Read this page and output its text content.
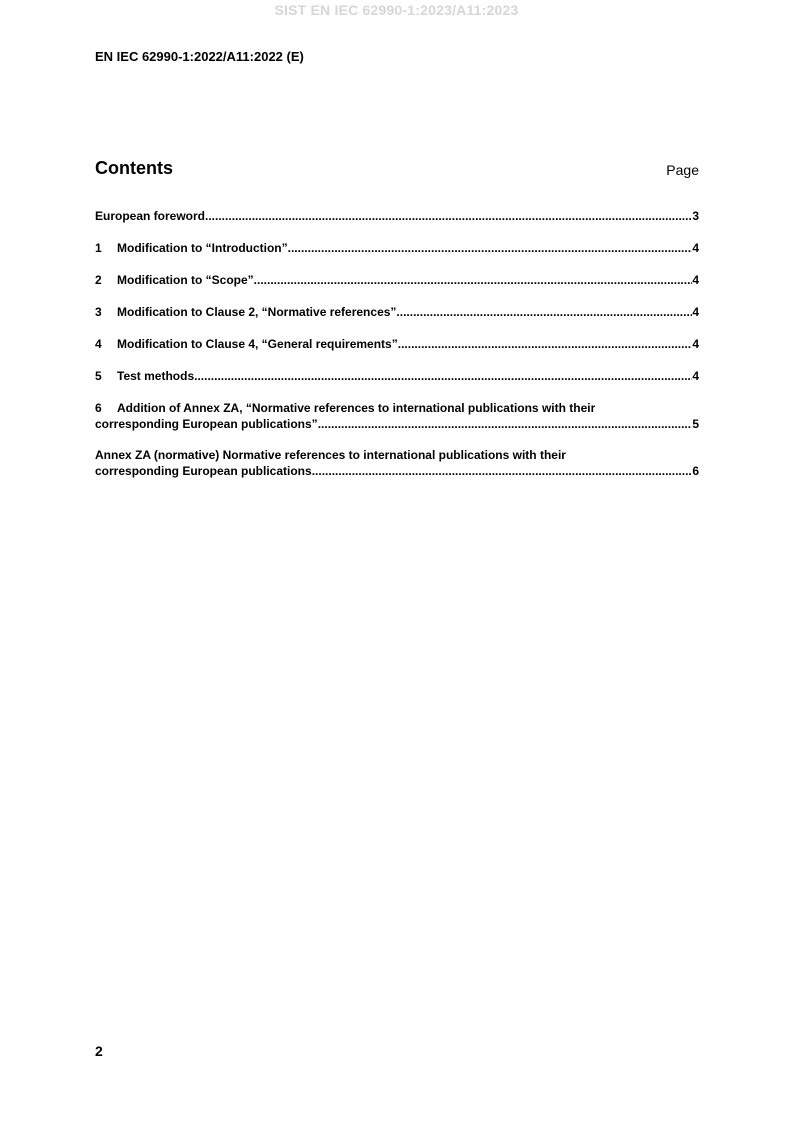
SIST EN IEC 62990-1:2023/A11:2023
EN IEC 62990-1:2022/A11:2022 (E)
Contents	Page
European foreword .....	3
1	Modification to “Introduction” .....	4
2	Modification to “Scope” .....	4
3	Modification to Clause 2, “Normative references” .....	4
4	Modification to Clause 4, “General requirements” .....	4
5	Test methods .....	4
6	Addition of Annex ZA, “Normative references to international publications with their
corresponding European publications” .....	5
Annex ZA (normative) Normative references to international publications with their
corresponding European publications .....	6
2
